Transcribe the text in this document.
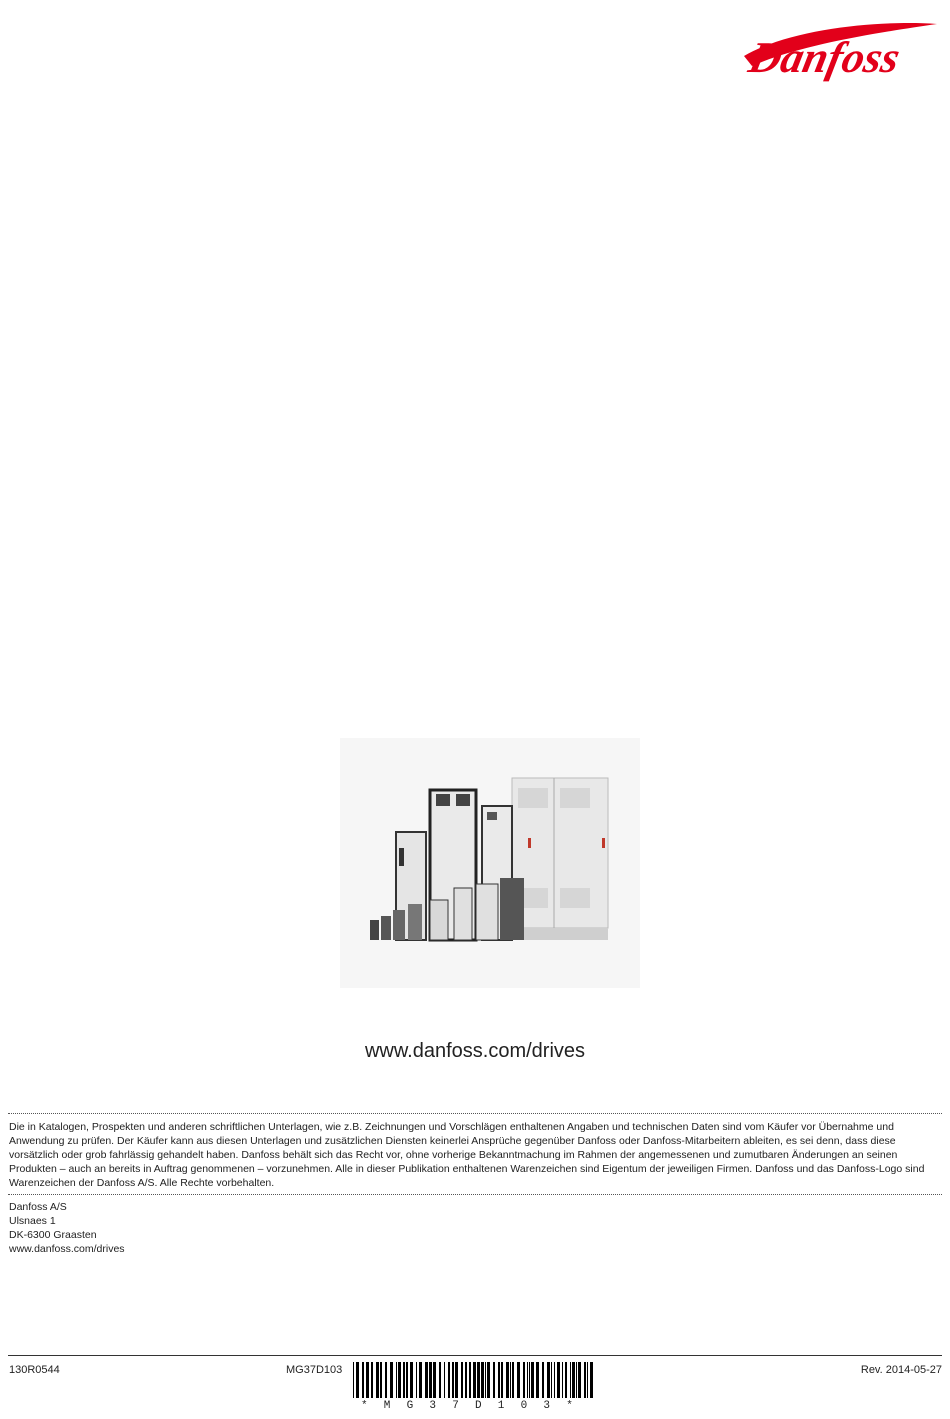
Danfoss
www.danfoss.com/drives
Die in Katalogen, Prospekten und anderen schriftlichen Unterlagen, wie z.B. Zeichnungen und Vorschlägen enthaltenen Angaben und technischen Daten sind vom Käufer vor Übernahme und Anwendung zu prüfen. Der Käufer kann aus diesen Unterlagen und zusätzlichen Diensten keinerlei Ansprüche gegenüber Danfoss oder Danfoss-Mitarbeitern ableiten, es sei denn, dass diese vorsätzlich oder grob fahrlässig gehandelt haben. Danfoss behält sich das Recht vor, ohne vorherige Bekanntmachung im Rahmen der angemessenen und zumutbaren Änderungen an seinen Produkten – auch an bereits in Auftrag genommenen – vorzunehmen. Alle in dieser Publikation enthaltenen Warenzeichen sind Eigentum der jeweiligen Firmen. Danfoss und das Danfoss-Logo sind Warenzeichen der Danfoss A/S. Alle Rechte vorbehalten.
Danfoss A/S
Ulsnaes 1
DK-6300 Graasten
www.danfoss.com/drives
130R0544	MG37D103	Rev. 2014-05-27
*MG37D103*
